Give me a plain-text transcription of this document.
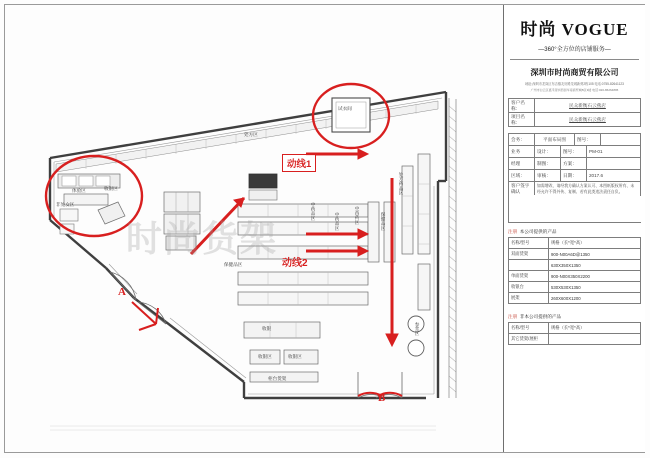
时尚货架
收银区
体验区
非处女区
试衣间
处方区
保健品区
中药品区
参茸区
收银
收银区
收银区
柜台货架
中西药区	保健品区
处方药品区
中药品区
动线1
动线2
A
B
时尚 VOGUE
—360°全方位的店铺服务—
深圳市时尚商贸有限公司
地址:深圳市龙岗区布吉镇友好路龙城新苑2栋105 电话:0755-82641123
广州市白云区嘉禾望岗西街华南商贸城B区3楼 电话:020-86264895
客户名称：
民众新衡石云燕店
项目名称：
民众新衡石云燕店
会务：	平面布局图	图号：
业务	设计：	图号：	PM-01
经理	制图：	方案：
区域：	审核：	日期：	2017.6
客户签字确认
如需增改、请经我方确认方案认可、本图纸版权所有、未经允许不得外传、复制、若有此类违法责任自负。
注册 本公司提供的产品
名称/型号	规格（长*宽*高）
双面货架	900-N00A6D@1350
630X350X1350
单面货架	900-N00X350X2200
收银台	530X530X1350
展架	260X600X1200
注册 非本公司提供的产品
名称/型号	规格（长*宽*高）
其它货架/展柜
